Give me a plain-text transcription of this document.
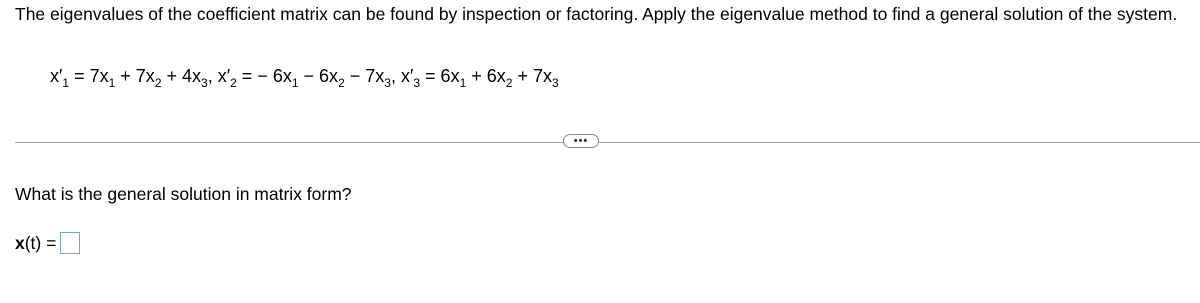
The eigenvalues of the coefficient matrix can be found by inspection or factoring. Apply the eigenvalue method to find a general solution of the system.
$x'_1 = 7x_1 + 7x_2 + 4x_3$, $x'_2$ = − $6x_1 - 6x_2 - 7x_3$, $x'_3 = 6x_1 + 6x_2 + 7x_3$
•••
What is the general solution in matrix form?
x(t) =
